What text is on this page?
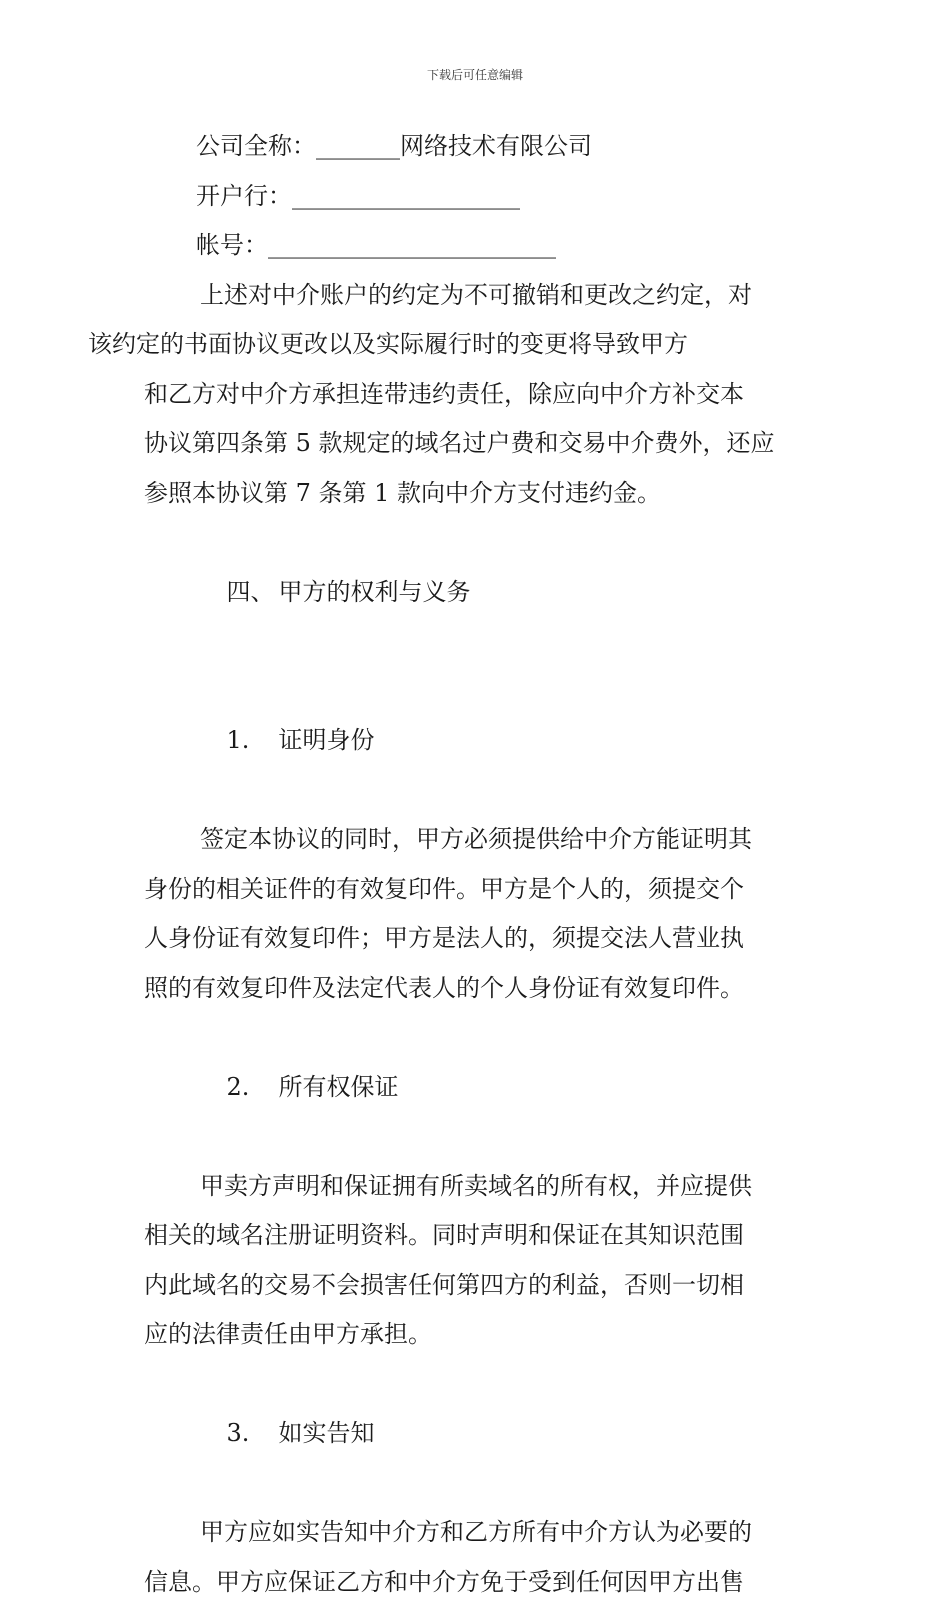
下载后可任意编辑
公司全称：_______网络技术有限公司
开户行：___________________
帐号：________________________
上述对中介账户的约定为不可撤销和更改之约定，对
该约定的书面协议更改以及实际履行时的变更将导致甲方
和乙方对中介方承担连带违约责任，除应向中介方补交本
协议第四条第 5 款规定的域名过户费和交易中介费外，还应
参照本协议第 7 条第 1 款向中介方支付违约金。

四、 甲方的权利与义务

1. 证明身份

签定本协议的同时，甲方必须提供给中介方能证明其
身份的相关证件的有效复印件。甲方是个人的，须提交个
人身份证有效复印件；甲方是法人的，须提交法人营业执
照的有效复印件及法定代表人的个人身份证有效复印件。

2. 所有权保证

甲卖方声明和保证拥有所卖域名的所有权，并应提供
相关的域名注册证明资料。同时声明和保证在其知识范围
内此域名的交易不会损害任何第四方的利益，否则一切相
应的法律责任由甲方承担。

3. 如实告知

甲方应如实告知中介方和乙方所有中介方认为必要的
信息。甲方应保证乙方和中介方免于受到任何因甲方出售
